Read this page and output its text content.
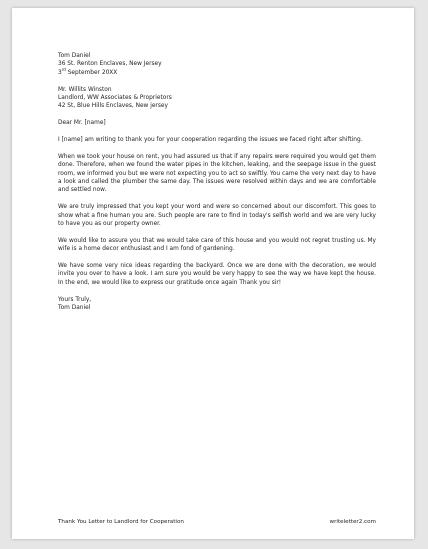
Tom Daniel
36 St. Renton Enclaves, New Jersey
3rd September 20XX
Mr. Willits Winston
Landlord, WW Associates & Proprietors
42 St, Blue Hills Enclaves, New jersey
Dear Mr. [name]

I [name] am writing to thank you for your cooperation regarding the issues we faced right after shifting.

When we took your house on rent, you had assured us that if any repairs were required you would get them done. Therefore, when we found the water pipes in the kitchen, leaking, and the seepage issue in the guest room, we informed you but we were not expecting you to act so swiftly. You came the very next day to have a look and called the plumber the same day. The issues were resolved within days and we are comfortable and settled now.

We are truly impressed that you kept your word and were so concerned about our discomfort. This goes to show what a fine human you are. Such people are rare to find in today's selfish world and we are very lucky to have you as our property owner.

We would like to assure you that we would take care of this house and you would not regret trusting us. My wife is a home decor enthusiast and I am fond of gardening.

We have some very nice ideas regarding the backyard. Once we are done with the decoration, we would invite you over to have a look. I am sure you would be very happy to see the way we have kept the house. In the end, we would like to express our gratitude once again Thank you sir!

Yours Truly,
Tom Daniel
Thank You Letter to Landlord for Cooperation	writeletter2.com
